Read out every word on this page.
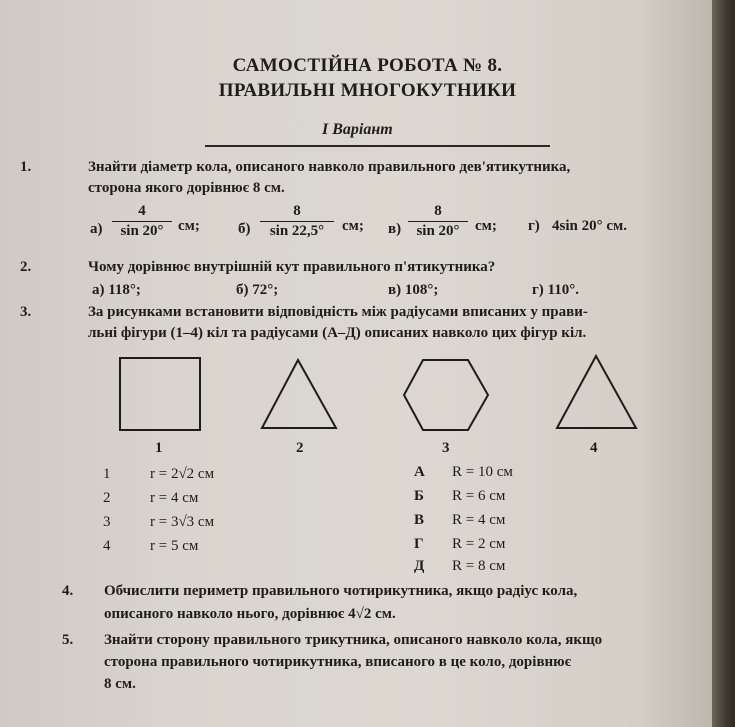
САМОСТІЙНА РОБОТА № 8.
ПРАВИЛЬНІ МНОГОКУТНИКИ
I Варіант
1.	Знайти діаметр кола, описаного навколо правильного дев'ятикутника,
сторона якого дорівнює 8 см.
а)
4
sin 20° см;	б)
8
sin 22,5°	см; в)
8
sin 20°	см; г) 4sin 20° см.
2.	Чому дорівнює внутрішній кут правильного п'ятикутника?
а) 118°;	б) 72°;	в) 108°;	г) 110°.
3.	За рисунками встановити відповідність між радіусами вписаних у прави-
льні фігури (1–4) кіл та радіусами (А–Д) описаних навколо цих фігур кіл.
1	2	3	4
1	r = 2√2 см
2	r = 4 см
3	r = 3√3 см
4	r = 5 см
А R = 10 см
Б R = 6 см
В R = 4 см
Г R = 2 см
Д R = 8 см
4. Обчислити периметр правильного чотирикутника, якщо радіус кола,
описаного навколо нього, дорівнює 4√2 см.
5. Знайти сторону правильного трикутника, описаного навколо кола, якщо
сторона правильного чотирикутника, вписаного в це коло, дорівнює
8 см.
